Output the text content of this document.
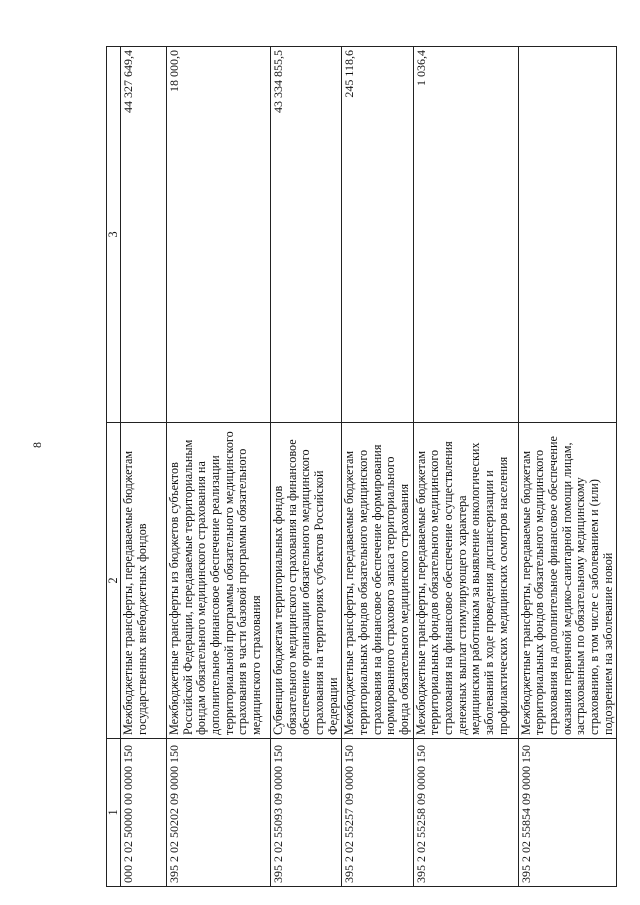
8
1	2	3
000 2 02 50000 00 0000 150	Межбюджетные трансферты, передаваемые бюджетам государственных внебюджетных фондов	44 327 649,4
395 2 02 50202 09 0000 150	Межбюджетные трансферты из бюджетов субъектов Российской Федерации, передаваемые территориальным фондам обязательного медицинского страхования на дополнительное финансовое обеспечение реализации территориальной программы обязательного медицинского страхования в части базовой программы обязательного медицинского страхования	18 000,0
395 2 02 55093 09 0000 150	Субвенции бюджетам территориальных фондов обязательного медицинского страхования на финансовое обеспечение организации обязательного медицинского страхования на территориях субъектов Российской Федерации	43 334 855,5
395 2 02 55257 09 0000 150	Межбюджетные трансферты, передаваемые бюджетам территориальных фондов обязательного медицинского страхования на финансовое обеспечение формирования нормированного страхового запаса территориального фонда обязательного медицинского страхования	245 118,6
395 2 02 55258 09 0000 150	Межбюджетные трансферты, передаваемые бюджетам территориальных фондов обязательного медицинского страхования на финансовое обеспечение осуществления денежных выплат стимулирующего характера медицинским работникам за выявление онкологических заболеваний в ходе проведения диспансеризации и профилактических медицинских осмотров населения	1 036,4
395 2 02 55854 09 0000 150	Межбюджетные трансферты, передаваемые бюджетам территориальных фондов обязательного медицинского страхования на дополнительное финансовое обеспечение оказания первичной медико-санитарной помощи лицам, застрахованным по обязательному медицинскому страхованию, в том числе с заболеванием и (или) подозрением на заболевание новой	
